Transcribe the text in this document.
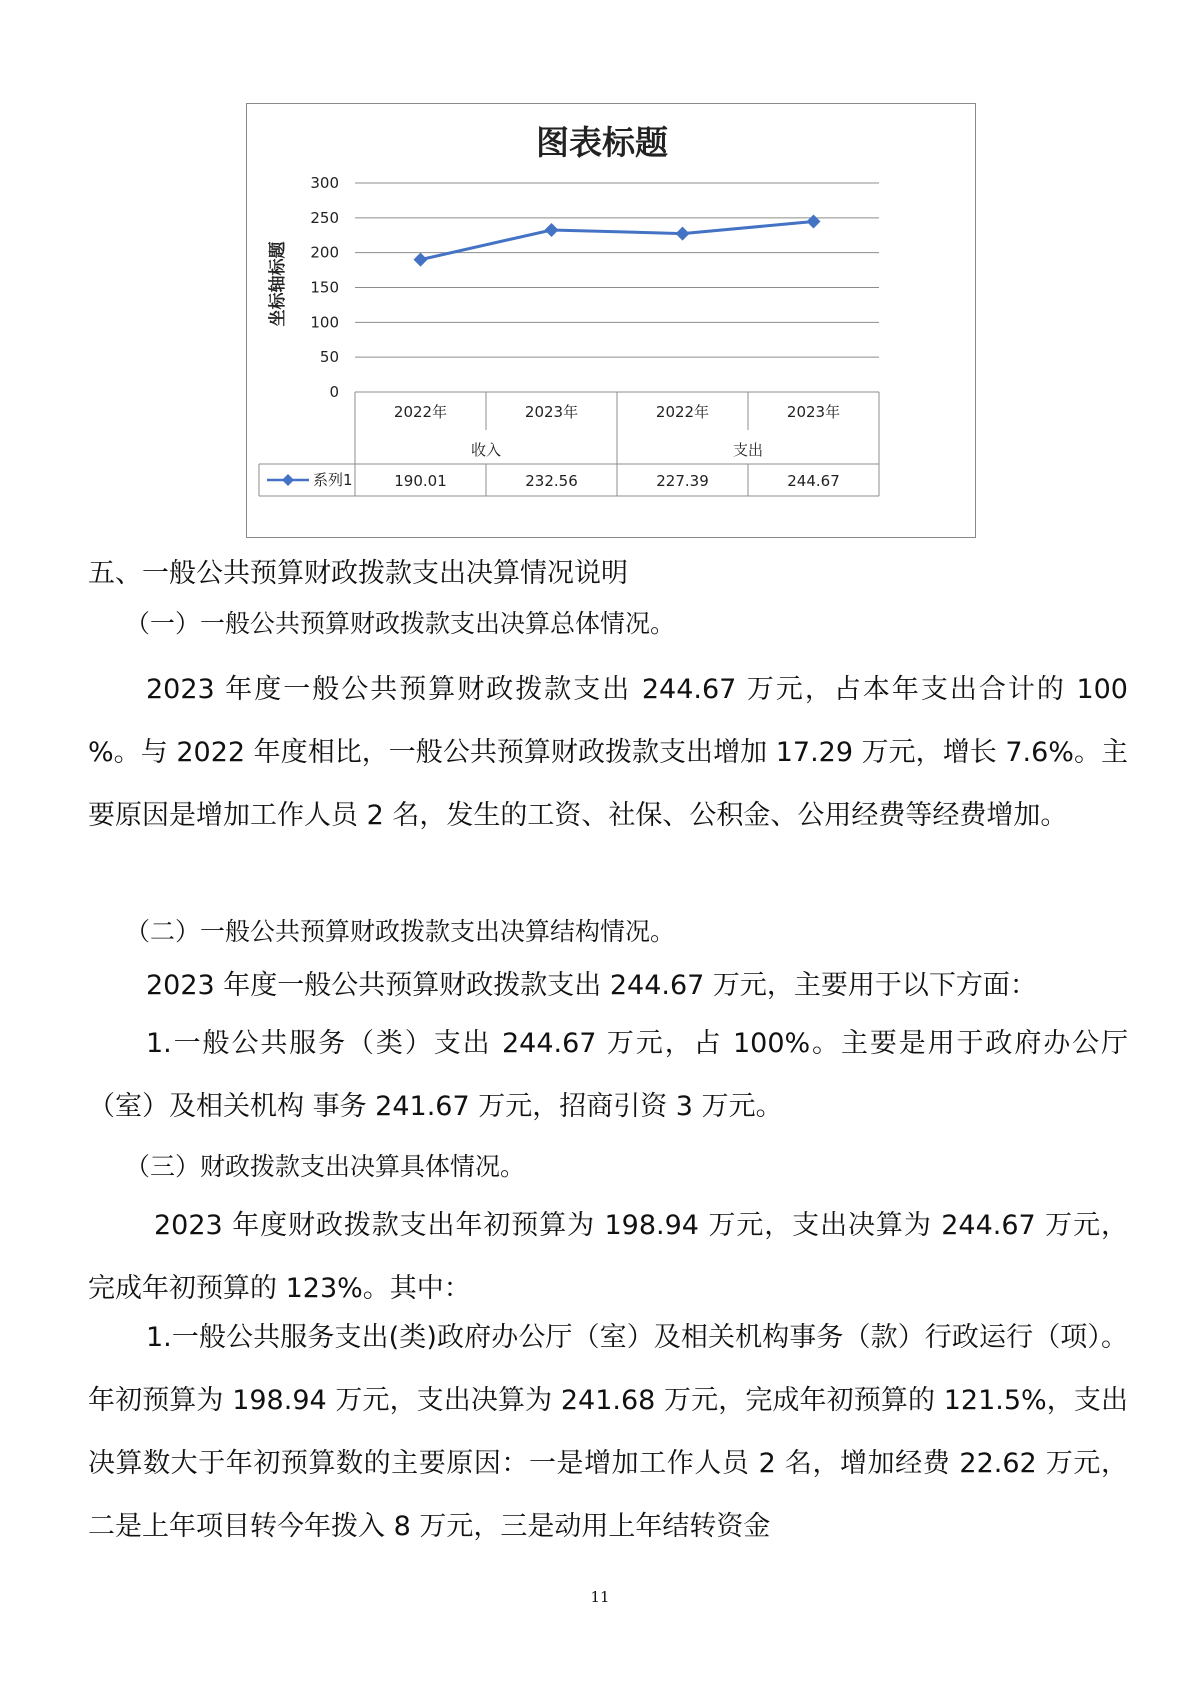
图表标题
坐标轴标题
300
250
200
150
100
50
0
2022年	2023年	2022年	2023年
收入	支出
系列1	190.01	232.56	227.39	244.67
五、一般公共预算财政拨款支出决算情况说明
（一）一般公共预算财政拨款支出决算总体情况。
2023 年度一般公共预算财政拨款支出 244.67 万元，占本年支出合计的 100 %。与 2022 年度相比，一般公共预算财政拨款支出增加 17.29 万元，增长 7.6%。主要原因是增加工作人员 2 名，发生的工资、社保、公积金、公用经费等经费增加。
（二）一般公共预算财政拨款支出决算结构情况。
2023 年度一般公共预算财政拨款支出 244.67 万元，主要用于以下方面：
1.一般公共服务（类）支出 244.67 万元，占 100%。主要是用于政府办公厅（室）及相关机构 事务 241.67 万元，招商引资 3 万元。
（三）财政拨款支出决算具体情况。
2023 年度财政拨款支出年初预算为 198.94 万元，支出决算为 244.67 万元，完成年初预算的 123%。其中：
1.一般公共服务支出(类)政府办公厅（室）及相关机构事务（款）行政运行（项）。年初预算为 198.94 万元，支出决算为 241.68 万元，完成年初预算的 121.5%，支出决算数大于年初预算数的主要原因：一是增加工作人员 2 名，增加经费 22.62 万元，二是上年项目转今年拨入 8 万元，三是动用上年结转资金
11
